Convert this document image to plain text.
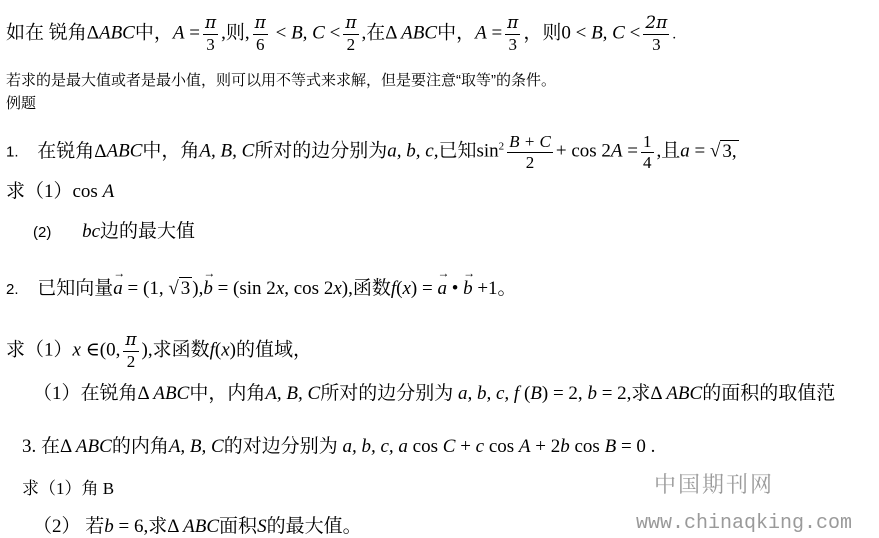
如在 锐角ΔABC中，$A = \frac{\pi}{3}$ ,则, $\frac{\pi}{6} < B$, $C < \frac{\pi}{2}$ ,在Δ ABC中，$A = \frac{\pi}{3}$ ，则0 < B, $C < \frac{2\pi}{3}$ .
若求的是最大值或者是最小值，则可以用不等式来求解，但是要注意“取等”的条件。
例题
1. 在锐角ΔABC中，角A, B, C所对的边分别为a, b, c,已知$\sin^2 \frac{B + C}{2} + \cos 2A = \frac{1}{4}$ ,且a = √ 3,
求（1）cos A
(2) bc边的最大值
2. 已知向量→ a = (1, √ 3 ),→ b = (sin 2x, cos 2x),函数f(x) = → a • → b +1。
求（1）x ∈(0, $\frac{\pi}{2}$ ),求函数f(x)的值域，
（1）在锐角Δ ABC中，内角A, B, C所对的边分别为 a, b, c, f (B) = 2, b = 2,求Δ ABC的面积的取值范
3. 在Δ ABC的内角A, B, C的对边分别为 a, b, c, a cos C + c cos A + 2b cos B = 0 .
求（1）角 B
（2） 若b = 6,求Δ ABC面积S的最大值。
中国期刊网
www.chinaqking.com
